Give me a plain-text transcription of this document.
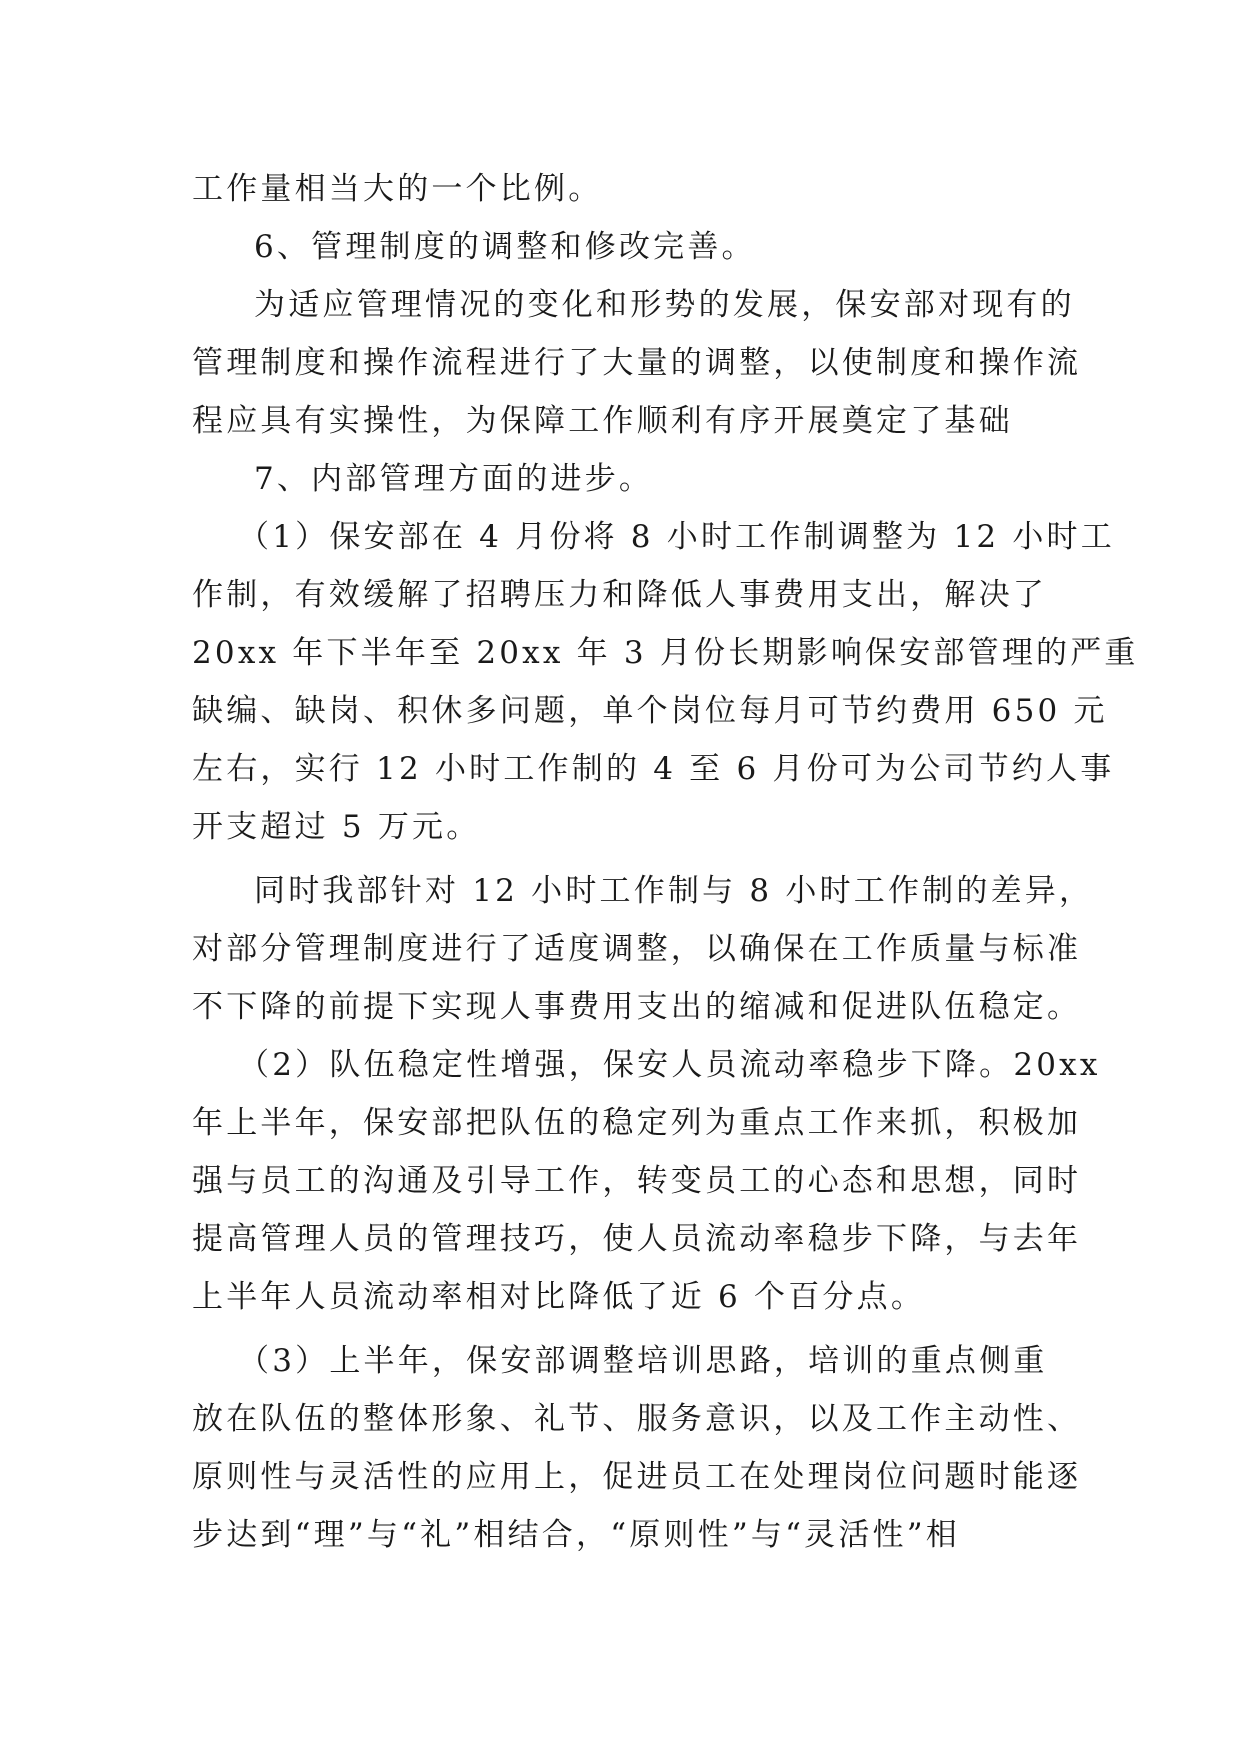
工作量相当大的一个比例。
6、管理制度的调整和修改完善。
为适应管理情况的变化和形势的发展，保安部对现有的
管理制度和操作流程进行了大量的调整，以使制度和操作流
程应具有实操性，为保障工作顺利有序开展奠定了基础
7、内部管理方面的进步。
（1）保安部在 4 月份将 8 小时工作制调整为 12 小时工
作制，有效缓解了招聘压力和降低人事费用支出，解决了
20xx 年下半年至 20xx 年 3 月份长期影响保安部管理的严重
缺编、缺岗、积休多问题，单个岗位每月可节约费用 650 元
左右，实行 12 小时工作制的 4 至 6 月份可为公司节约人事
开支超过 5 万元。
同时我部针对 12 小时工作制与 8 小时工作制的差异，
对部分管理制度进行了适度调整，以确保在工作质量与标准
不下降的前提下实现人事费用支出的缩减和促进队伍稳定。
（2）队伍稳定性增强，保安人员流动率稳步下降。20xx
年上半年，保安部把队伍的稳定列为重点工作来抓，积极加
强与员工的沟通及引导工作，转变员工的心态和思想，同时
提高管理人员的管理技巧，使人员流动率稳步下降，与去年
上半年人员流动率相对比降低了近 6 个百分点。
（3）上半年，保安部调整培训思路，培训的重点侧重
放在队伍的整体形象、礼节、服务意识，以及工作主动性、
原则性与灵活性的应用上，促进员工在处理岗位问题时能逐
步达到“理”与“礼”相结合，“原则性”与“灵活性”相
